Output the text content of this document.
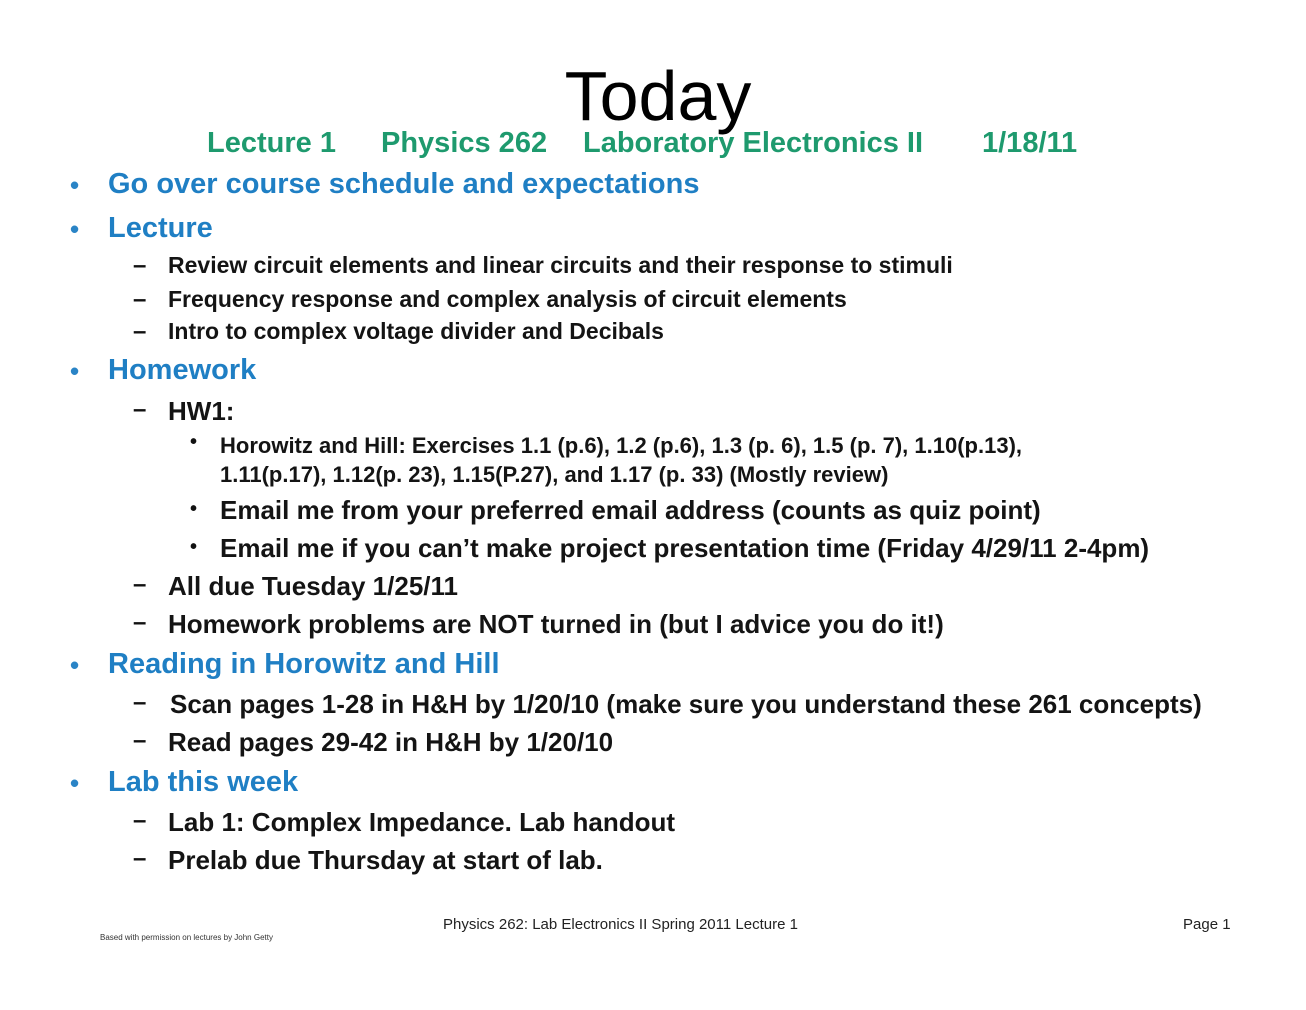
Today
Lecture 1 Physics 262 Laboratory Electronics II 1/18/11
• Go over course schedule and expectations
• Lecture
– Review circuit elements and linear circuits and their response to stimuli
– Frequency response and complex analysis of circuit elements
– Intro to complex voltage divider and Decibals
• Homework
– HW1:
• Horowitz and Hill: Exercises 1.1 (p.6), 1.2 (p.6), 1.3 (p. 6), 1.5 (p. 7), 1.10(p.13),
1.11(p.17), 1.12(p. 23), 1.15(P.27), and 1.17 (p. 33) (Mostly review)
• Email me from your preferred email address (counts as quiz point)
• Email me if you can’t make project presentation time (Friday 4/29/11 2-4pm)
– All due Tuesday 1/25/11
– Homework problems are NOT turned in (but I advice you do it!)
• Reading in Horowitz and Hill
– Scan pages 1-28 in H&H by 1/20/10 (make sure you understand these 261 concepts)
– Read pages 29-42 in H&H by 1/20/10
• Lab this week
– Lab 1: Complex Impedance. Lab handout
– Prelab due Thursday at start of lab.
Physics 262: Lab Electronics II Spring 2011 Lecture 1	Page 1
Based with permission on lectures by John Getty
